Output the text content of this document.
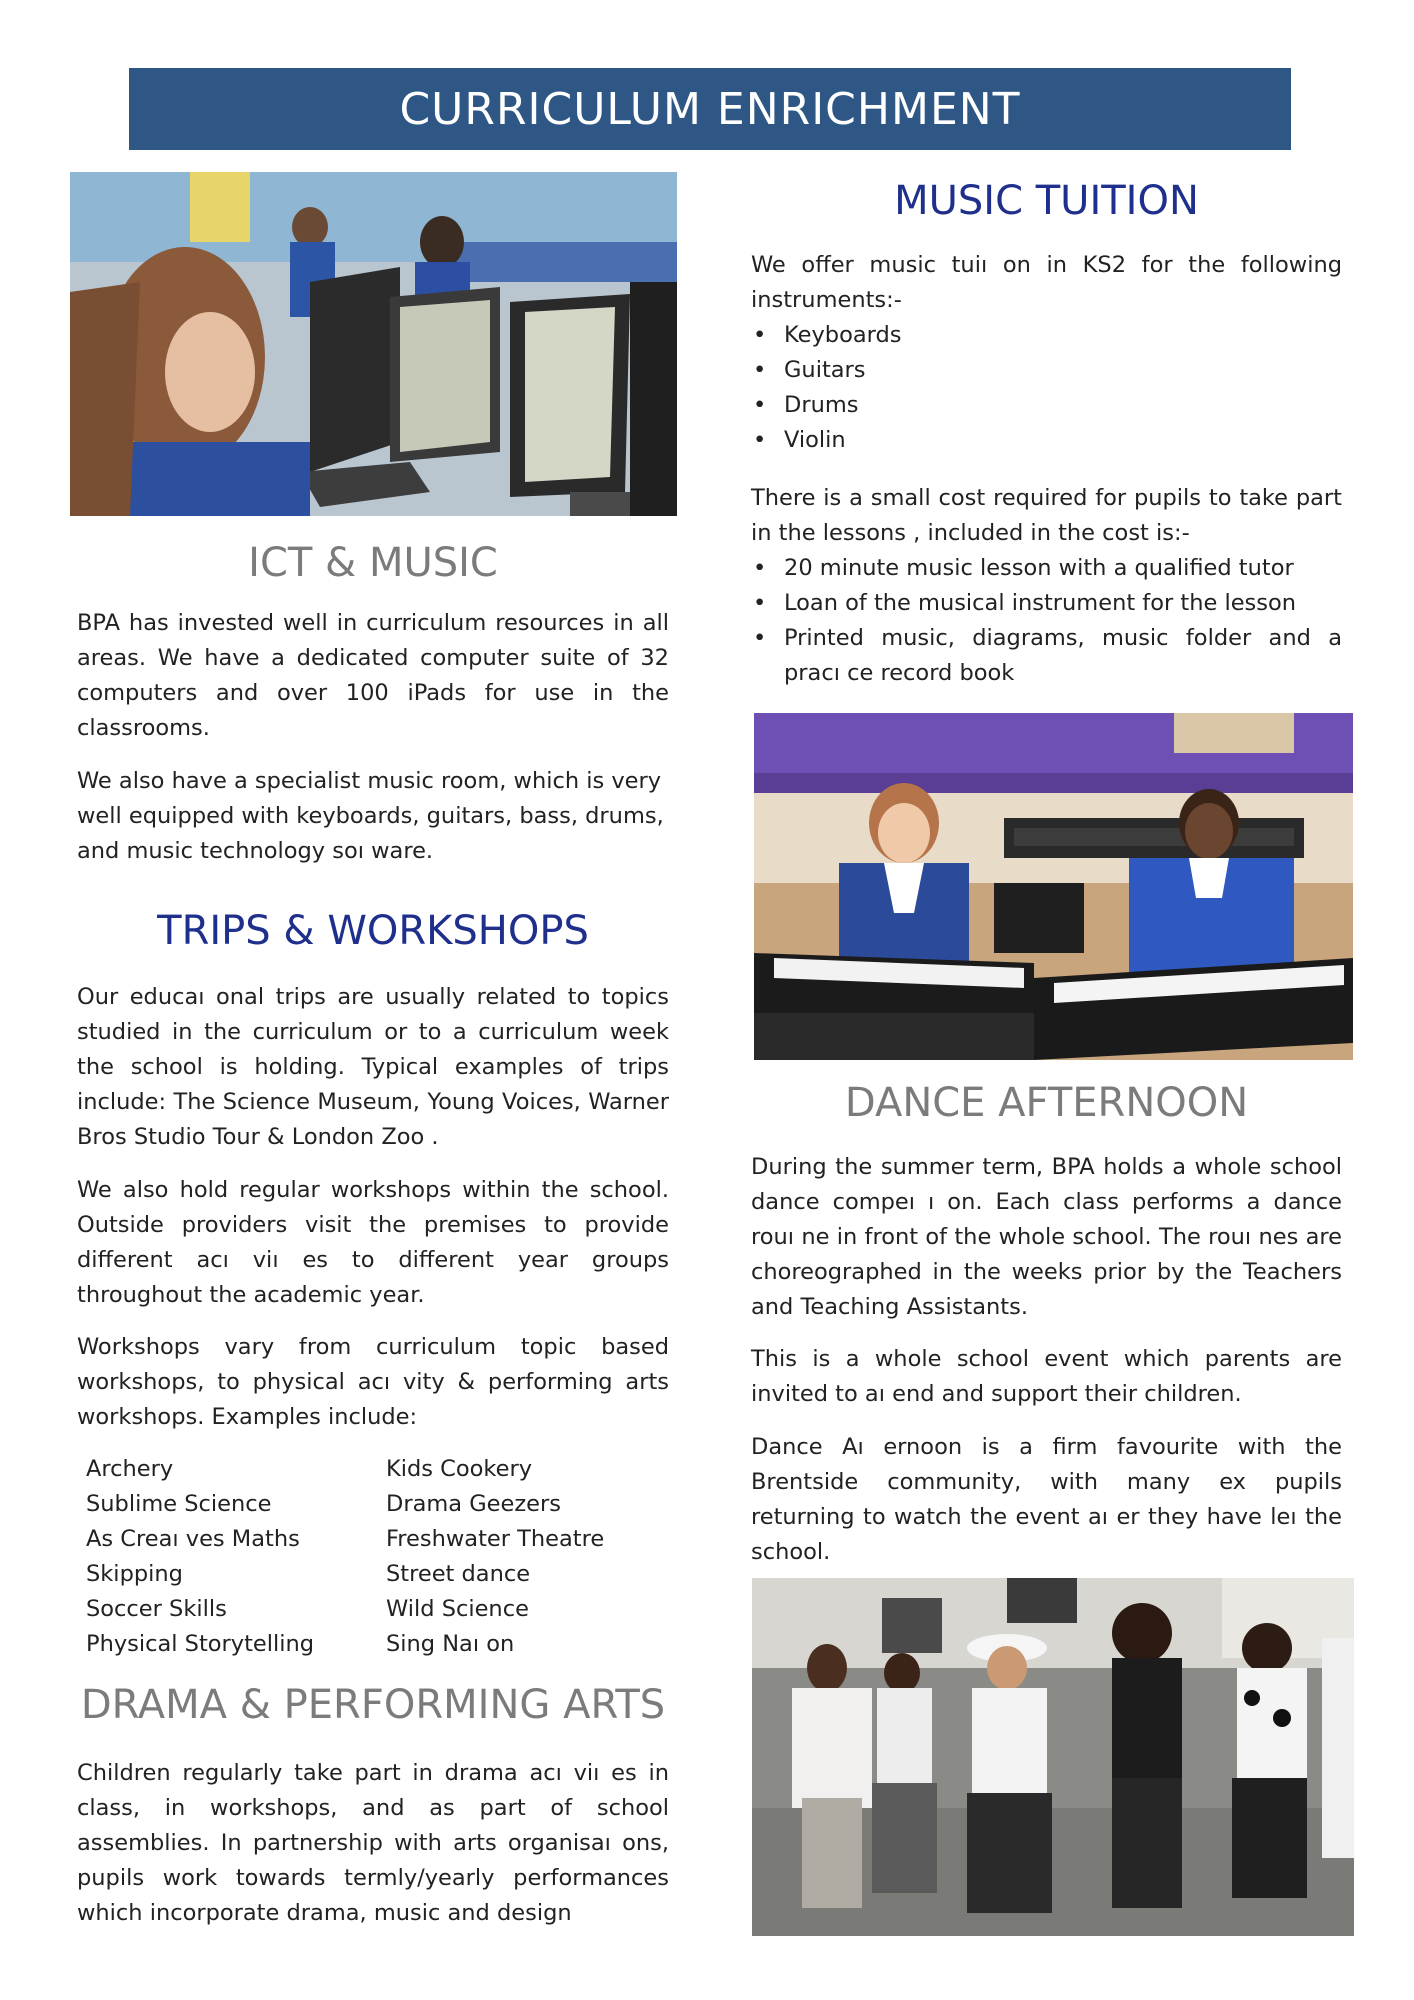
CURRICULUM ENRICHMENT
ICT & MUSIC

BPA has invested well in curriculum resources in all areas. We have a dedicated computer suite of 32 computers and over 100 iPads for use in the classrooms.

We also have a specialist music room, which is very well equipped with keyboards, guitars, bass, drums, and music technology soı ware.

TRIPS & WORKSHOPS

Our educaı onal trips are usually related to topics studied in the curriculum or to a curriculum week the school is holding. Typical examples of trips include: The Science Museum, Young Voices, Warner Bros Studio Tour & London Zoo .

We also hold regular workshops within the school. Outside providers visit the premises to provide different acı viı es to different year groups throughout the academic year.

Workshops vary from curriculum topic based workshops, to physical acı vity & performing arts workshops. Examples include:

Archery
Sublime Science
As Creaı ves Maths
Skipping
Soccer Skills
Physical Storytelling
Kids Cookery
Drama Geezers
Freshwater Theatre
Street dance
Wild Science
Sing Naı on
DRAMA & PERFORMING ARTS

Children regularly take part in drama acı viı es in class, in workshops, and as part of school assemblies. In partnership with arts organisaı ons, pupils work towards termly/yearly performances which incorporate drama, music and design

MUSIC TUITION

We offer music tuiı on in KS2 for the following instruments:-

• Keyboards
• Guitars
• Drums
• Violin

There is a small cost required for pupils to take part in the lessons , included in the cost is:-

• 20 minute music lesson with a qualified tutor
• Loan of the musical instrument for the lesson
• Printed music, diagrams, music folder and a pracı ce record book
DANCE AFTERNOON

During the summer term, BPA holds a whole school dance compeı ı on. Each class performs a dance rouı ne in front of the whole school. The rouı nes are choreographed in the weeks prior by the Teachers and Teaching Assistants.

This is a whole school event which parents are invited to aı end and support their children.

Dance Aı ernoon is a firm favourite with the Brentside community, with many ex pupils returning to watch the event aı er they have leı the school.
